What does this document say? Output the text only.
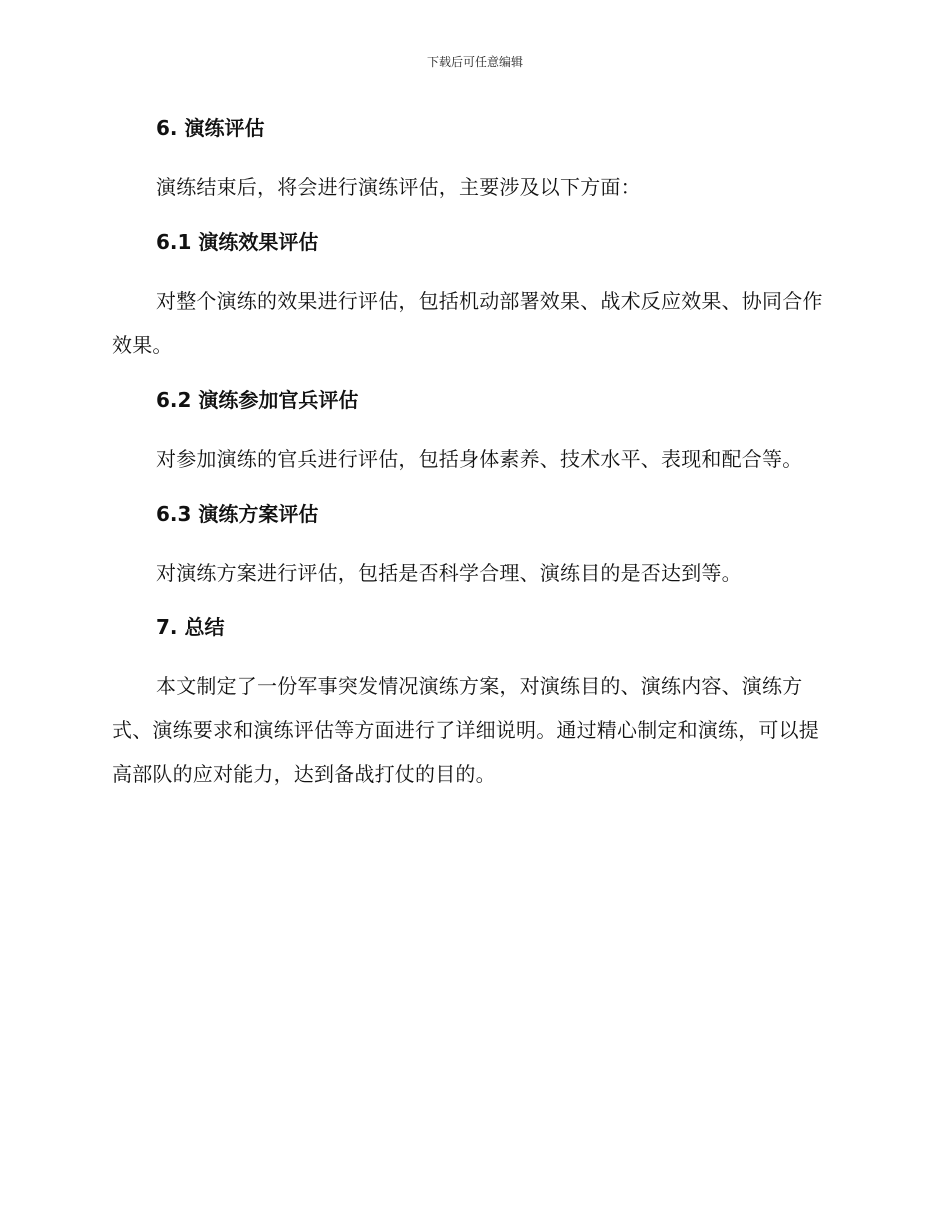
下载后可任意编辑
6. 演练评估

演练结束后，将会进行演练评估，主要涉及以下方面：

6.1 演练效果评估

对整个演练的效果进行评估，包括机动部署效果、战术反应效果、协同合作效果。

6.2 演练参加官兵评估

对参加演练的官兵进行评估，包括身体素养、技术水平、表现和配合等。

6.3 演练方案评估

对演练方案进行评估，包括是否科学合理、演练目的是否达到等。

7. 总结

本文制定了一份军事突发情况演练方案，对演练目的、演练内容、演练方式、演练要求和演练评估等方面进行了详细说明。通过精心制定和演练，可以提高部队的应对能力，达到备战打仗的目的。
